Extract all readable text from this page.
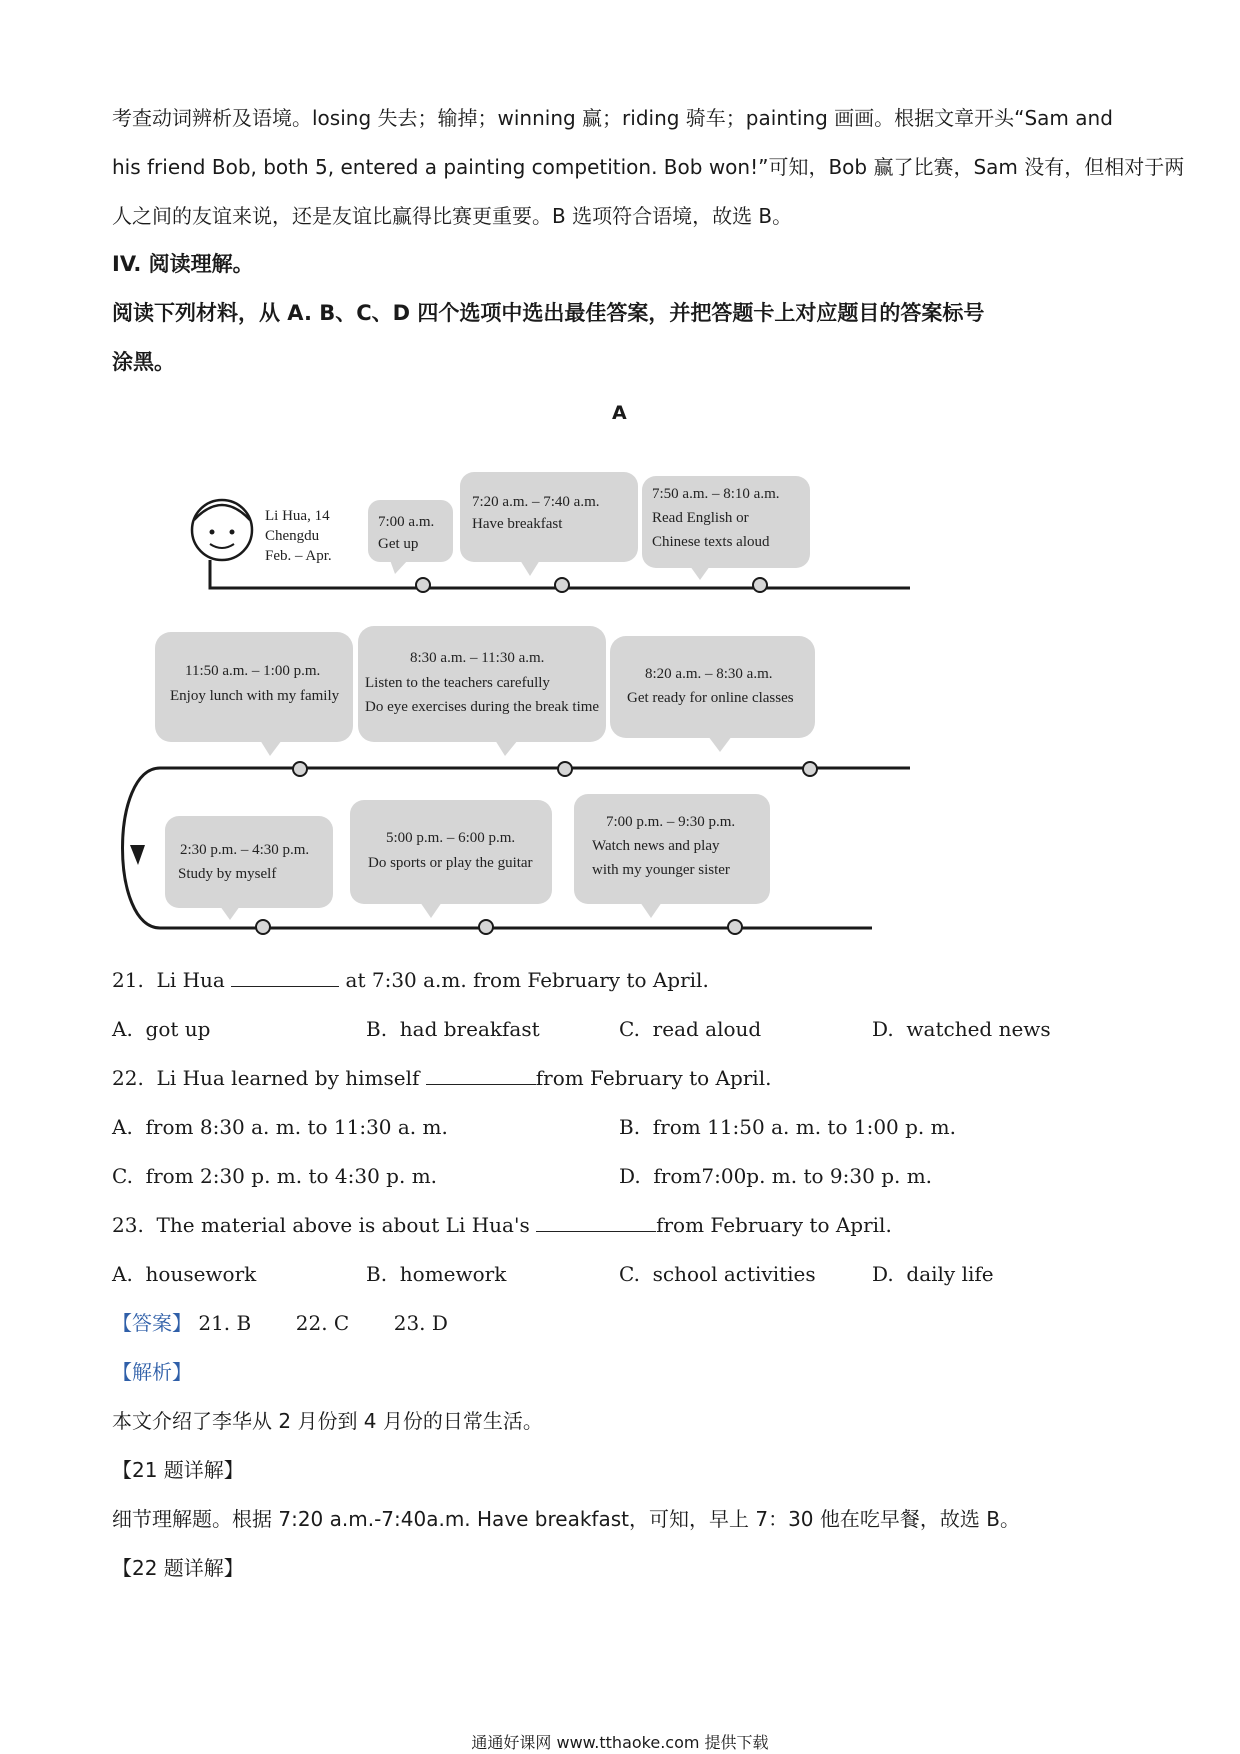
考查动词辨析及语境。losing 失去；输掉；winning 赢；riding 骑车；painting 画画。根据文章开头“Sam and
his friend Bob, both 5, entered a painting competition. Bob won!”可知，Bob 赢了比赛，Sam 没有，但相对于两
人之间的友谊来说，还是友谊比赢得比赛更重要。B 选项符合语境，故选 B。
IV. 阅读理解。
阅读下列材料，从 A. B、C、D 四个选项中选出最佳答案，并把答题卡上对应题目的答案标号
涂黑。
A
Li Hua, 14
Chengdu
Feb. – Apr.
7:00 a.m.
Get up
7:20 a.m. – 7:40 a.m.
Have breakfast
7:50 a.m. – 8:10 a.m.
Read English or
Chinese texts aloud
11:50 a.m. – 1:00 p.m.
Enjoy lunch with my family
8:30 a.m. – 11:30 a.m.
Listen to the teachers carefully
Do eye exercises during the break time
8:20 a.m. – 8:30 a.m.
Get ready for online classes
2:30 p.m. – 4:30 p.m.
Study by myself
5:00 p.m. – 6:00 p.m.
Do sports or play the guitar
7:00 p.m. – 9:30 p.m.
Watch news and play
with my younger sister
21. Li Hua	at 7:30 a.m. from February to April.
A. got up	B. had breakfast	C. read aloud	D. watched news
22. Li Hua learned by himself	from February to April.
A. from 8:30 a. m. to 11:30 a. m.	B. from 11:50 a. m. to 1:00 p. m.
C. from 2:30 p. m. to 4:30 p. m.	D. from7:00p. m. to 9:30 p. m.
23. The material above is about Li Hua's	from February to April.
A. housework	B. homework	C. school activities	D. daily life
【答案】 21. B 22. C 23. D
【解析】
本文介绍了李华从 2 月份到 4 月份的日常生活。
【21 题详解】
细节理解题。根据 7:20 a.m.-7:40a.m. Have breakfast，可知，早上 7：30 他在吃早餐，故选 B。
【22 题详解】
通通好课网 www.tthaoke.com 提供下载
